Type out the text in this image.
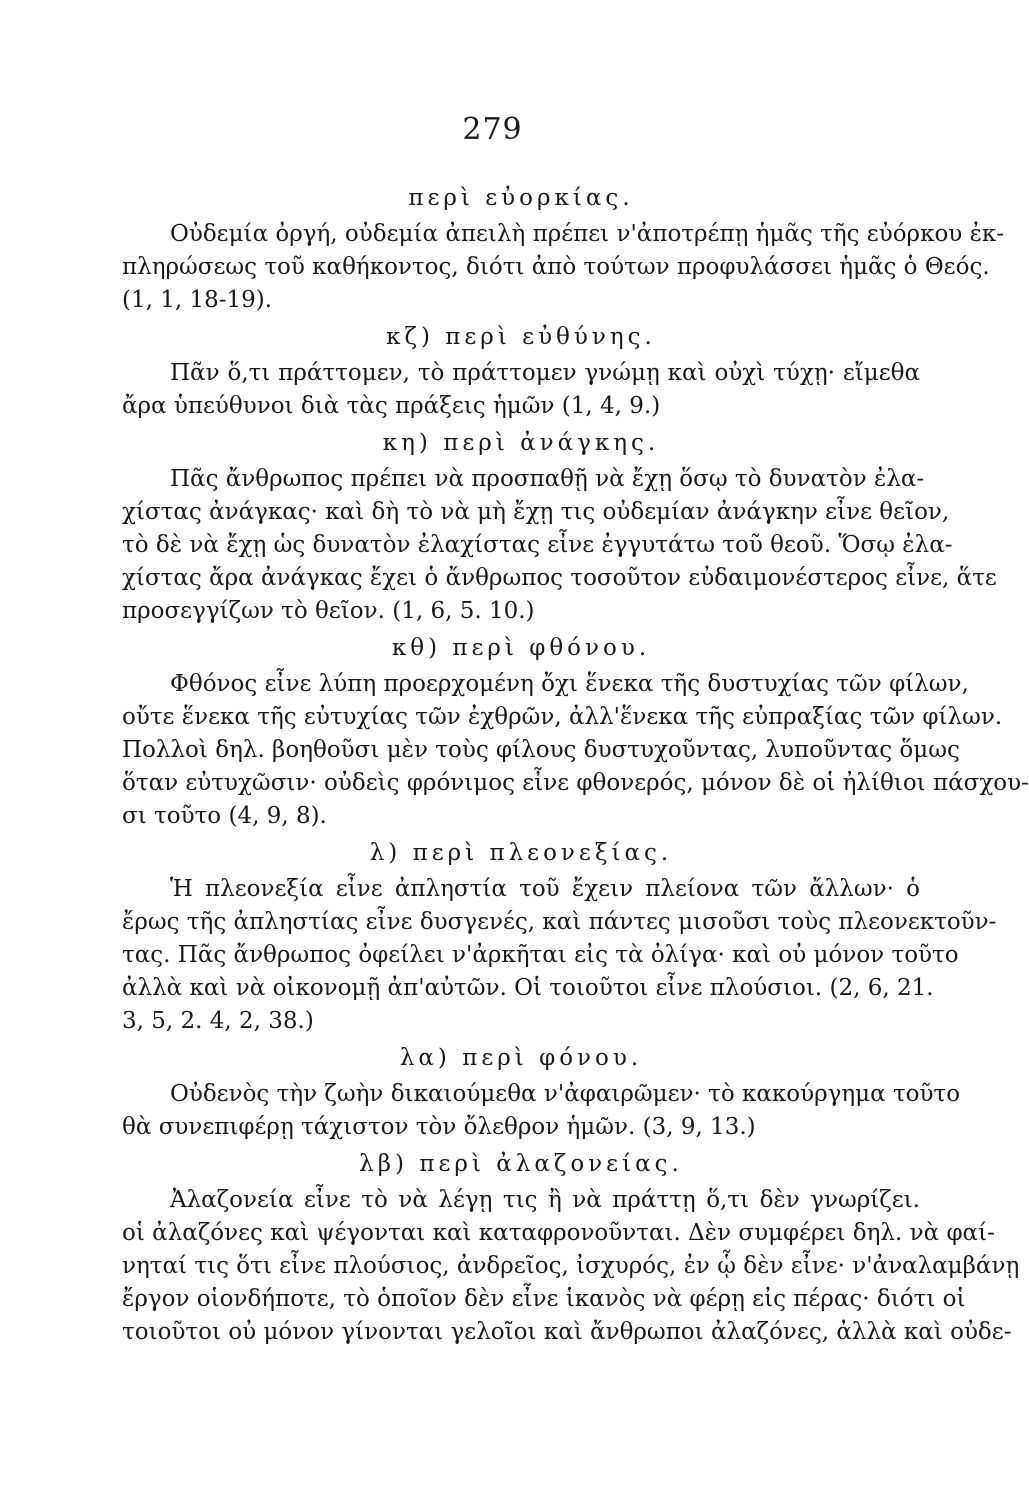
279
περὶ εὐορκίας.
Οὐδεμία ὀργή, οὐδεμία ἀπειλὴ πρέπει ν'ἀποτρέπῃ ἡμᾶς τῆς εὐόρκου ἐκ-
πληρώσεως τοῦ καθήκοντος, διότι ἀπὸ τούτων προφυλάσσει ἡμᾶς ὁ Θεός.
(1, 1, 18-19).
κζ) περὶ εὐθύνης.
Πᾶν ὅ,τι πράττομεν, τὸ πράττομεν γνώμῃ καὶ οὐχὶ τύχῃ· εἴμεθα
ἄρα ὑπεύθυνοι διὰ τὰς πράξεις ἡμῶν (1, 4, 9.)
κη) περὶ ἀνάγκης.
Πᾶς ἄνθρωπος πρέπει νὰ προσπαθῇ νὰ ἔχῃ ὅσῳ τὸ δυνατὸν ἐλα-
χίστας ἀνάγκας· καὶ δὴ τὸ νὰ μὴ ἔχῃ τις οὐδεμίαν ἀνάγκην εἶνε θεῖον,
τὸ δὲ νὰ ἔχῃ ὡς δυνατὸν ἐλαχίστας εἶνε ἐγγυτάτω τοῦ θεοῦ. Ὅσῳ ἐλα-
χίστας ἄρα ἀνάγκας ἔχει ὁ ἄνθρωπος τοσοῦτον εὐδαιμονέστερος εἶνε, ἅτε
προσεγγίζων τὸ θεῖον. (1, 6, 5. 10.)
κθ) περὶ φθόνου.
Φθόνος εἶνε λύπη προερχομένη ὄχι ἕνεκα τῆς δυστυχίας τῶν φίλων,
οὔτε ἕνεκα τῆς εὐτυχίας τῶν ἐχθρῶν, ἀλλ'ἕνεκα τῆς εὐπραξίας τῶν φίλων.
Πολλοὶ δηλ. βοηθοῦσι μὲν τοὺς φίλους δυστυχοῦντας, λυποῦντας ὅμως
ὅταν εὐτυχῶσιν· οὐδεὶς φρόνιμος εἶνε φθονερός, μόνον δὲ οἱ ἠλίθιοι πάσχου-
σι τοῦτο (4, 9, 8).
λ) περὶ πλεονεξίας.
Ἡ πλεονεξία εἶνε ἀπληστία τοῦ ἔχειν πλείονα τῶν ἄλλων· ὁ
ἔρως τῆς ἀπληστίας εἶνε δυσγενές, καὶ πάντες μισοῦσι τοὺς πλεονεκτοῦν-
τας. Πᾶς ἄνθρωπος ὀφείλει ν'ἀρκῆται εἰς τὰ ὀλίγα· καὶ οὐ μόνον τοῦτο
ἀλλὰ καὶ νὰ οἰκονομῇ ἀπ'αὐτῶν. Οἱ τοιοῦτοι εἶνε πλούσιοι. (2, 6, 21.
3, 5, 2. 4, 2, 38.)
λα) περὶ φόνου.
Οὐδενὸς τὴν ζωὴν δικαιούμεθα ν'ἀφαιρῶμεν· τὸ κακούργημα τοῦτο
θὰ συνεπιφέρῃ τάχιστον τὸν ὄλεθρον ἡμῶν. (3, 9, 13.)
λβ) περὶ ἀλαζονείας.
Ἀλαζονεία εἶνε τὸ νὰ λέγῃ τις ἢ νὰ πράττῃ ὅ,τι δὲν γνωρίζει.
οἱ ἀλαζόνες καὶ ψέγονται καὶ καταφρονοῦνται. Δὲν συμφέρει δηλ. νὰ φαί-
νηταί τις ὅτι εἶνε πλούσιος, ἀνδρεῖος, ἰσχυρός, ἐν ᾧ δὲν εἶνε· ν'ἀναλαμβάνῃ
ἔργον οἱονδήποτε, τὸ ὁποῖον δὲν εἶνε ἱκανὸς νὰ φέρῃ εἰς πέρας· διότι οἱ
τοιοῦτοι οὐ μόνον γίνονται γελοῖοι καὶ ἄνθρωποι ἀλαζόνες, ἀλλὰ καὶ οὐδε-
